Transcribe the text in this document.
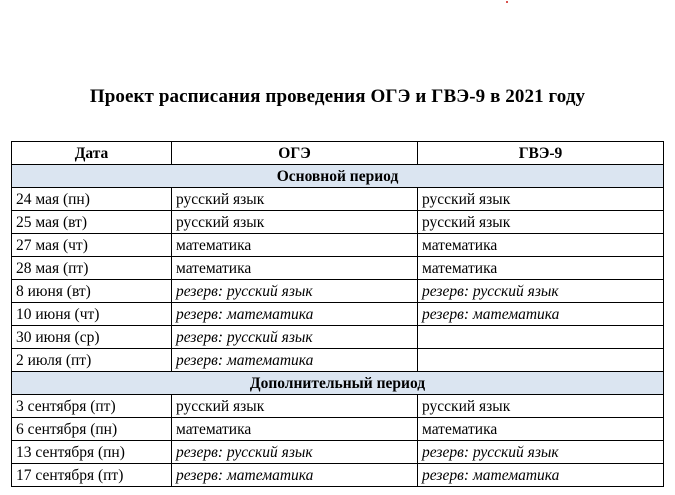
Проект расписания проведения ОГЭ и ГВЭ-9 в 2021 году
Дата	ОГЭ	ГВЭ-9
Основной период		
24 мая (пн)	русский язык	русский язык
25 мая (вт)	русский язык	русский язык
27 мая (чт)	математика	математика
28 мая (пт)	математика	математика
8 июня (вт)	резерв: русский язык	резерв: русский язык
10 июня (чт)	резерв: математика	резерв: математика
30 июня (ср)	резерв: русский язык	
2 июля (пт)	резерв: математика	
Дополнительный период		
3 сентября (пт)	русский язык	русский язык
6 сентября (пн)	математика	математика
13 сентября (пн)	резерв: русский язык	резерв: русский язык
17 сентября (пт)	резерв: математика	резерв: математика
